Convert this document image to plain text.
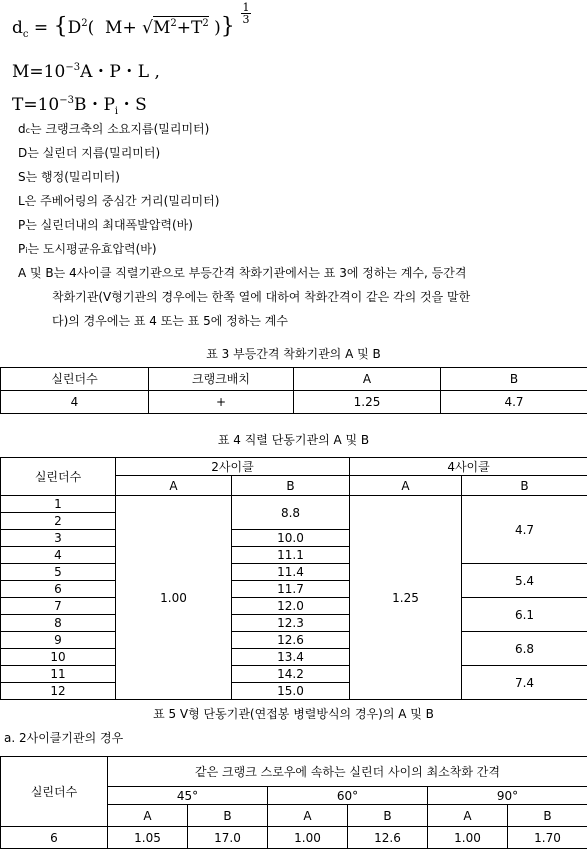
$d_c = \{D^2$( $M+ √M^2+T^2$ )}
1
3
$M=10^{-3}A$・P・L ,
$T=10^{-3}B$・$P_i$・S
dc는 크랭크축의 소요지름(밀리미터)
D는 실린더 지름(밀리미터)
S는 행정(밀리미터)
L은 주베어링의 중심간 거리(밀리미터)
P는 실린더내의 최대폭발압력(바)
Pi는 도시평균유효압력(바)
A 및 B는 4사이클 직렬기관으로 부등간격 착화기관에서는 표 3에 정하는 계수, 등간격
착화기관(V형기관의 경우에는 한쪽 열에 대하여 착화간격이 같은 각의 것을 말한
다)의 경우에는 표 4 또는 표 5에 정하는 계수
표 3 부등간격 착화기관의 A 및 B
실린더수	크랭크배치	A	B
4	+	1.25	4.7
표 4 직렬 단동기관의 A 및 B
실린더수	2사이클		4사이클	
	A	B	A	B
1	1.00	8.8	1.25	4.7
2				
3		10.0		
4		11.1		
5		11.4		5.4
6		11.7		
7		12.0		6.1
8		12.3		
9		12.6		6.8
10		13.4		
11		14.2		7.4
12		15.0		
표 5 V형 단동기관(연접봉 병렬방식의 경우)의 A 및 B
a. 2사이클기관의 경우
실린더수	같은 크랭크 스로우에 속하는 실린더 사이의 최소착화 간격					
	45°		60°		90°	
	A	B	A	B	A	B
6	1.05	17.0	1.00	12.6	1.00	1.70
